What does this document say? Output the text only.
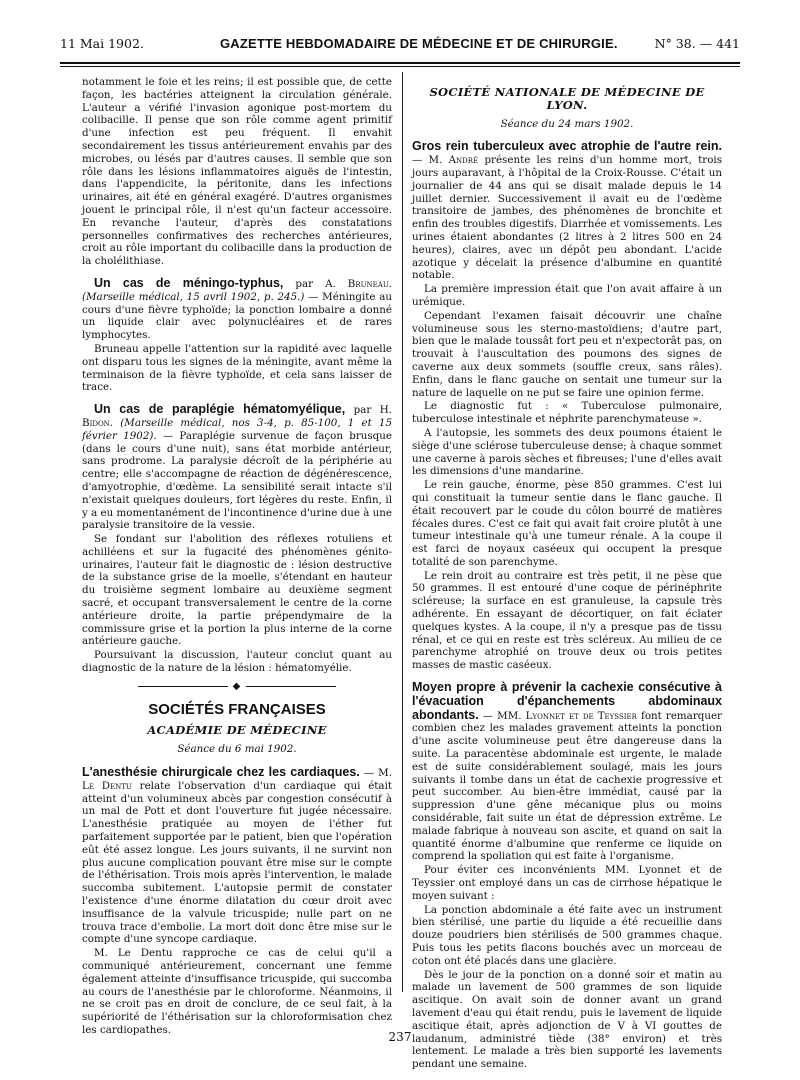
11 Mai 1902.	GAZETTE HEBDOMADAIRE DE MÉDECINE ET DE CHIRURGIE.	N° 38. — 441

notamment le foie et les reins; il est possible que, de cette façon, les bactéries atteignent la circulation générale. L'auteur a vérifié l'invasion agonique post-mortem du colibacille. Il pense que son rôle comme agent primitif d'une infection est peu fréquent. Il envahit secondairement les tissus antérieurement envahis par des microbes, ou lésés par d'autres causes. Il semble que son rôle dans les lésions inflammatoires aiguës de l'intestin, dans l'appendicite, la péritonite, dans les infections urinaires, ait été en général exagéré. D'autres organismes jouent le principal rôle, il n'est qu'un facteur accessoire. En revanche l'auteur, d'après des constatations personnelles confirmatives des recherches antérieures, croit au rôle important du colibacille dans la production de la cholélithiase.

Un cas de méningo-typhus, par A. Bruneau. (Marseille médical, 15 avril 1902, p. 245.) — Méningite au cours d'une fièvre typhoïde; la ponction lombaire a donné un liquide clair avec polynucléaires et de rares lymphocytes.

Bruneau appelle l'attention sur la rapidité avec laquelle ont disparu tous les signes de la méningite, avant même la terminaison de la fièvre typhoïde, et cela sans laisser de trace.

Un cas de paraplégie hématomyélique, par H. Bidon. (Marseille médical, nos 3-4, p. 85-100, 1 et 15 février 1902). — Paraplégie survenue de façon brusque (dans le cours d'une nuit), sans état morbide antérieur, sans prodrome. La paralysie décroît de la périphérie au centre; elle s'accompagne de réaction de dégénérescence, d'amyotrophie, d'œdème. La sensibilité serait intacte s'il n'existait quelques douleurs, fort légères du reste. Enfin, il y a eu momentanément de l'incontinence d'urine due à une paralysie transitoire de la vessie.

Se fondant sur l'abolition des réflexes rotuliens et achilléens et sur la fugacité des phénomènes génito-urinaires, l'auteur fait le diagnostic de : lésion destructive de la substance grise de la moelle, s'étendant en hauteur du troisième segment lombaire au deuxième segment sacré, et occupant transversalement le centre de la corne antérieure droite, la partie prépendymaire de la commissure grise et la portion la plus interne de la corne antérieure gauche.

Poursuivant la discussion, l'auteur conclut quant au diagnostic de la nature de la lésion : hématomyélie.

◆
SOCIÉTÉS FRANÇAISES
ACADÉMIE DE MÉDECINE
Séance du 6 mai 1902.

L'anesthésie chirurgicale chez les cardiaques. — M. Le Dentu relate l'observation d'un cardiaque qui était atteint d'un volumineux abcès par congestion consécutif à un mal de Pott et dont l'ouverture fut jugée nécessaire. L'anesthésie pratiquée au moyen de l'éther fut parfaitement supportée par le patient, bien que l'opération eût été assez longue. Les jours suivants, il ne survint non plus aucune complication pouvant être mise sur le compte de l'éthérisation. Trois mois après l'intervention, le malade succomba subitement. L'autopsie permit de constater l'existence d'une énorme dilatation du cœur droit avec insuffisance de la valvule tricuspide; nulle part on ne trouva trace d'embolie. La mort doit donc être mise sur le compte d'une syncope cardiaque.

M. Le Dentu rapproche ce cas de celui qu'il a communiqué antérieurement, concernant une femme également atteinte d'insuffisance tricuspide, qui succomba au cours de l'anesthésie par le chloroforme. Néanmoins, il ne se croit pas en droit de conclure, de ce seul fait, à la supériorité de l'éthérisation sur la chloroformisation chez les cardiopathes.

SOCIÉTÉ NATIONALE DE MÉDECINE DE LYON.
Séance du 24 mars 1902.

Gros rein tuberculeux avec atrophie de l'autre rein. — M. André présente les reins d'un homme mort, trois jours auparavant, à l'hôpital de la Croix-Rousse. C'était un journalier de 44 ans qui se disait malade depuis le 14 juillet dernier. Successivement il avait eu de l'œdème transitoire de jambes, des phénomènes de bronchite et enfin des troubles digestifs. Diarrhée et vomissements. Les urines étaient abondantes (2 litres à 2 litres 500 en 24 heures), claires, avec un dépôt peu abondant. L'acide azotique y décelait la présence d'albumine en quantité notable.

La première impression était que l'on avait affaire à un urémique.

Cependant l'examen faisait découvrir une chaîne volumineuse sous les sterno-mastoïdiens; d'autre part, bien que le malade toussât fort peu et n'expectorât pas, on trouvait à l'auscultation des poumons des signes de caverne aux deux sommets (souffle creux, sans râles). Enfin, dans le flanc gauche on sentait une tumeur sur la nature de laquelle on ne put se faire une opinion ferme.

Le diagnostic fut : « Tuberculose pulmonaire, tuberculose intestinale et néphrite parenchymateuse ».

A l'autopsie, les sommets des deux poumons étaient le siège d'une sclérose tuberculeuse dense; à chaque sommet une caverne à parois sèches et fibreuses; l'une d'elles avait les dimensions d'une mandarine.

Le rein gauche, énorme, pèse 850 grammes. C'est lui qui constituait la tumeur sentie dans le flanc gauche. Il était recouvert par le coude du côlon bourré de matières fécales dures. C'est ce fait qui avait fait croire plutôt à une tumeur intestinale qu'à une tumeur rénale. A la coupe il est farci de noyaux caséeux qui occupent la presque totalité de son parenchyme.

Le rein droit au contraire est très petit, il ne pèse que 50 grammes. Il est entouré d'une coque de périnéphrite scléreuse; la surface en est granuleuse, la capsule très adhérente. En essayant de décortiquer, on fait éclater quelques kystes. A la coupe, il n'y a presque pas de tissu rénal, et ce qui en reste est très scléreux. Au milieu de ce parenchyme atrophié on trouve deux ou trois petites masses de mastic caséeux.

Moyen propre à prévenir la cachexie consécutive à l'évacuation d'épanchements abdominaux abondants. — MM. Lyonnet et de Teyssier font remarquer combien chez les malades gravement atteints la ponction d'une ascite volumineuse peut être dangereuse dans la suite. La paracentèse abdominale est urgente, le malade est de suite considérablement soulagé, mais les jours suivants il tombe dans un état de cachexie progressive et peut succomber. Au bien-être immédiat, causé par la suppression d'une gêne mécanique plus ou moins considérable, fait suite un état de dépression extrême. Le malade fabrique à nouveau son ascite, et quand on sait la quantité énorme d'albumine que renferme ce liquide on comprend la spoliation qui est faite à l'organisme.

Pour éviter ces inconvénients MM. Lyonnet et de Teyssier ont employé dans un cas de cirrhose hépatique le moyen suivant :

La ponction abdominale a été faite avec un instrument bien stérilisé, une partie du liquide a été recueillie dans douze poudriers bien stérilisés de 500 grammes chaque. Puis tous les petits flacons bouchés avec un morceau de coton ont été placés dans une glacière.

Dès le jour de la ponction on a donné soir et matin au malade un lavement de 500 grammes de son liquide ascitique. On avait soin de donner avant un grand lavement d'eau qui était rendu, puis le lavement de liquide ascitique était, après adjonction de V à VI gouttes de laudanum, administré tiède (38° environ) et très lentement. Le malade a très bien supporté les lavements pendant une semaine.

237
